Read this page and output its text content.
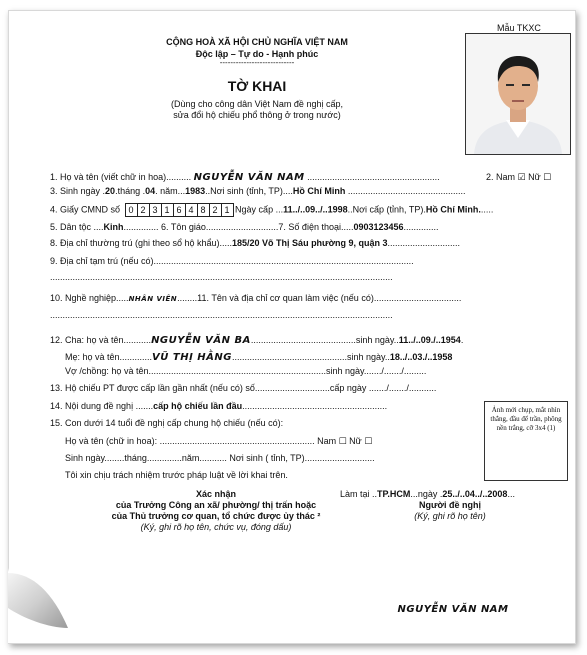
Mẫu TKXC
CỘNG HOÀ XÃ HỘI CHỦ NGHĨA VIỆT NAM
Độc lập – Tự do - Hạnh phúc
----------------------------
TỜ KHAI
(Dùng cho công dân Việt Nam đề nghị cấp,
sửa đổi hộ chiếu phổ thông ở trong nước)
1. Họ và tên (viết chữ in hoa).......... NGUYỄN VĂN NAM .....................................................	2. Nam ☑ Nữ ☐
3. Sinh ngày .20.tháng .04. năm...1983..Nơi sinh (tỉnh, TP)....Hồ Chí Minh ...............................................
4. Giấy CMND số 0 2 3 1 6 4 8 2 1 Ngày cấp ...11../..09../..1998..Nơi cấp (tỉnh, TP).Hồ Chí Minh......
5. Dân tộc ....Kinh.............. 6. Tôn giáo.............................7. Số điện thoại.....0903123456..............
8. Địa chỉ thường trú (ghi theo sổ hộ khẩu).....185/20 Võ Thị Sáu phường 9, quận 3.............................
9. Địa chỉ tạm trú (nếu có)........................................................................................................
.........................................................................................................................................
10. Nghề nghiệp.....NHÂN VIÊN........11. Tên và địa chỉ cơ quan làm việc (nếu có)...................................
.........................................................................................................................................
12. Cha: họ và tên...........NGUYỄN VĂN BA..........................................sinh ngày..11../..09./..1954.
Mẹ: họ và tên.............VŨ THỊ HẰNG..............................................sinh ngày..18../..03./..1958
Vợ /chồng: họ và tên.......................................................................sinh ngày......./......./.........
13. Hộ chiếu PT được cấp lần gần nhất (nếu có) số..............................cấp ngày ......./......./...........
14. Nội dung đề nghị .......cấp hộ chiếu lần đầu..........................................................
15. Con dưới 14 tuổi đề nghị cấp chung hộ chiếu (nếu có):
Họ và tên (chữ in hoa): .............................................................. Nam ☐ Nữ ☐
Sinh ngày........tháng..............năm........... Nơi sinh ( tỉnh, TP)............................
Tôi xin chịu trách nhiệm trước pháp luật về lời khai trên.
Ảnh mới chụp, mắt nhìn thẳng, đầu để trần, phông nền trắng, cỡ 3x4 (1)
Xác nhận
của Trưởng Công an xã/ phường/ thị trấn hoặc
của Thủ trưởng cơ quan, tổ chức được ủy thác ²
(Ký, ghi rõ họ tên, chức vụ, đóng dấu)
Làm tại ..TP.HCM...ngày .25../..04../..2008...
Người đề nghị
(Ký, ghi rõ họ tên)
NGUYỄN VĂN NAM
